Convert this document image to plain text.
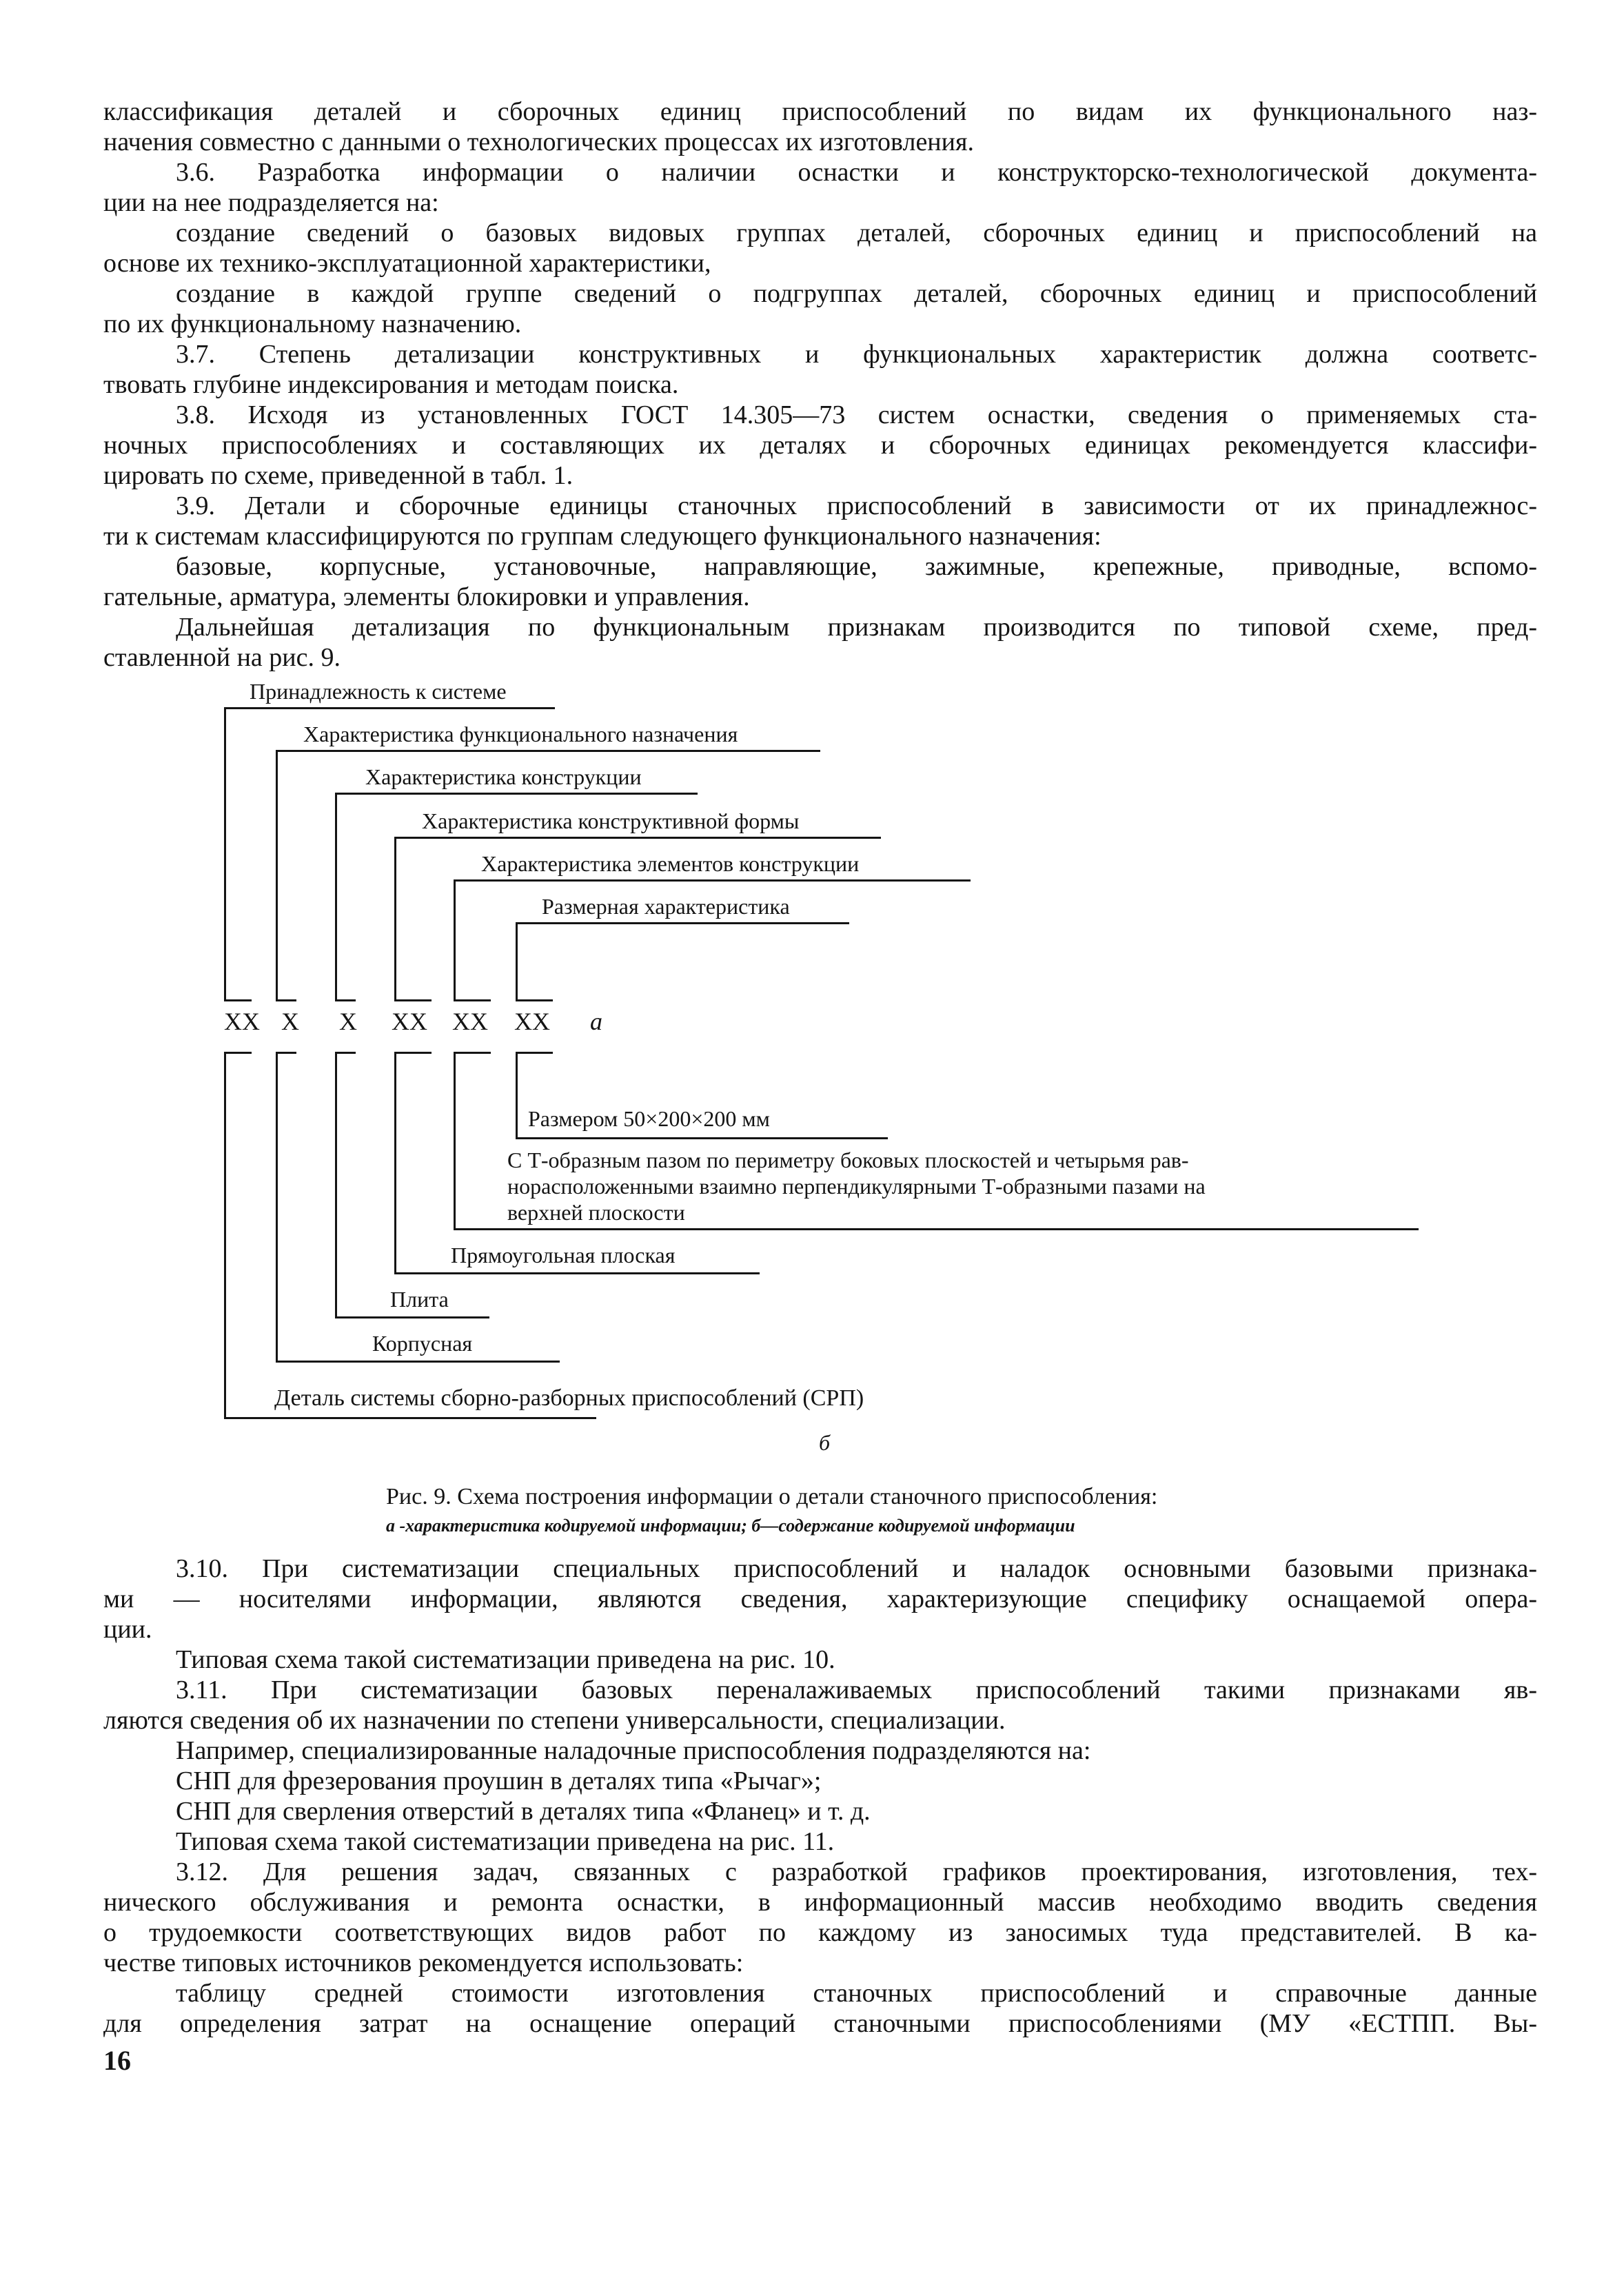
классификация деталей и сборочных единиц приспособлений по видам их функционального наз-

начения совместно с данными о технологических процессах их изготовления.

3.6. Разработка информации о наличии оснастки и конструкторско-технологической документа-

ции на нее подразделяется на:

создание сведений о базовых видовых группах деталей, сборочных единиц и приспособлений на

основе их технико-эксплуатационной характеристики,

создание в каждой группе сведений о подгруппах деталей, сборочных единиц и приспособлений

по их функциональному назначению.

3.7. Степень детализации конструктивных и функциональных характеристик должна соответс-

твовать глубине индексирования и методам поиска.

3.8. Исходя из установленных ГОСТ 14.305—73 систем оснастки, сведения о применяемых ста-

ночных приспособлениях и составляющих их деталях и сборочных единицах рекомендуется классифи-

цировать по схеме, приведенной в табл. 1.

3.9. Детали и сборочные единицы станочных приспособлений в зависимости от их принадлежнос-

ти к системам классифицируются по группам следующего функционального назначения:

базовые, корпусные, установочные, направляющие, зажимные, крепежные, приводные, вспомо-

гательные, арматура, элементы блокировки и управления.

Дальнейшая детализация по функциональным признакам производится по типовой схеме, пред-

ставленной на рис. 9.

Принадлежность к системе
Характеристика функционального назначения
Характеристика конструкции
Характеристика конструктивной формы
Характеристика элементов конструкции
Размерная характеристика
XX X X XX XX XX а
Размером 50×200×200 мм
С Т-образным пазом по периметру боковых плоскостей и четырьмя рав-
норасположенными взаимно перпендикулярными Т-образными пазами на
верхней плоскости
Прямоугольная плоская
Плита
Корпусная
Деталь системы сборно-разборных приспособлений (СРП)
б
Рис. 9. Схема построения информации о детали станочного приспособления:
а -характеристика кодируемой информации; б—содержание кодируемой информации

3.10. При систематизации специальных приспособлений и наладок основными базовыми признака-

ми — носителями информации, являются сведения, характеризующие специфику оснащаемой опера-

ции.

Типовая схема такой систематизации приведена на рис. 10.

3.11. При систематизации базовых переналаживаемых приспособлений такими признаками яв-

ляются сведения об их назначении по степени универсальности, специализации.

Например, специализированные наладочные приспособления подразделяются на:

СНП для фрезерования проушин в деталях типа «Рычаг»;

СНП для сверления отверстий в деталях типа «Фланец» и т. д.

Типовая схема такой систематизации приведена на рис. 11.

3.12. Для решения задач, связанных с разработкой графиков проектирования, изготовления, тех-

нического обслуживания и ремонта оснастки, в информационный массив необходимо вводить сведения

о трудоемкости соответствующих видов работ по каждому из заносимых туда представителей. В ка-

честве типовых источников рекомендуется использовать:

таблицу средней стоимости изготовления станочных приспособлений и справочные данные

для определения затрат на оснащение операций станочными приспособлениями (МУ «ЕСТПП. Вы-

16
